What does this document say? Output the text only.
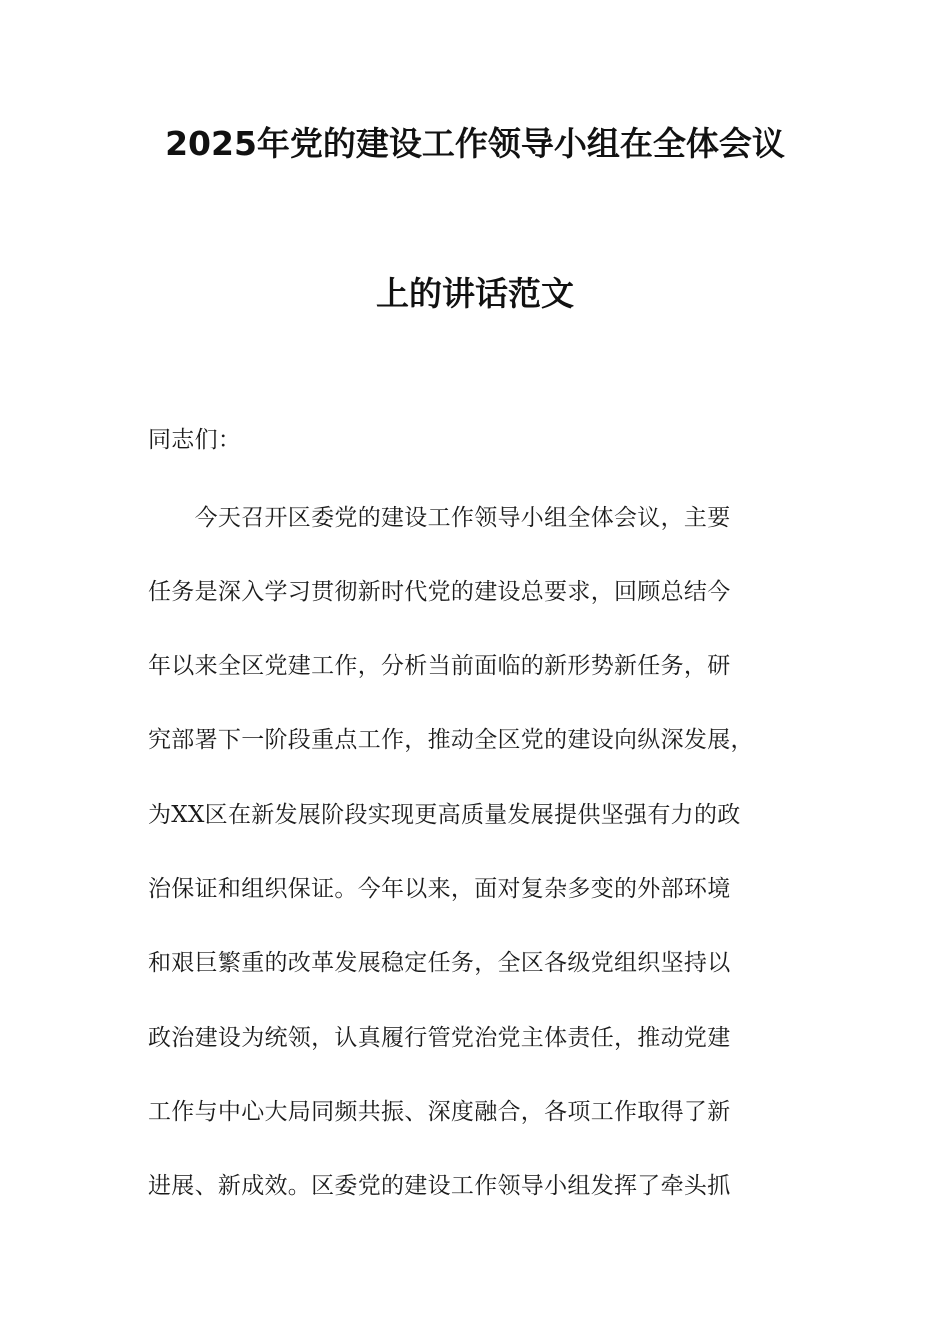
2025年党的建设工作领导小组在全体会议
上的讲话范文
同志们：
　　今天召开区委党的建设工作领导小组全体会议，主要
任务是深入学习贯彻新时代党的建设总要求，回顾总结今
年以来全区党建工作，分析当前面临的新形势新任务，研
究部署下一阶段重点工作，推动全区党的建设向纵深发展，
为XX区在新发展阶段实现更高质量发展提供坚强有力的政
治保证和组织保证。今年以来，面对复杂多变的外部环境
和艰巨繁重的改革发展稳定任务，全区各级党组织坚持以
政治建设为统领，认真履行管党治党主体责任，推动党建
工作与中心大局同频共振、深度融合，各项工作取得了新
进展、新成效。区委党的建设工作领导小组发挥了牵头抓
